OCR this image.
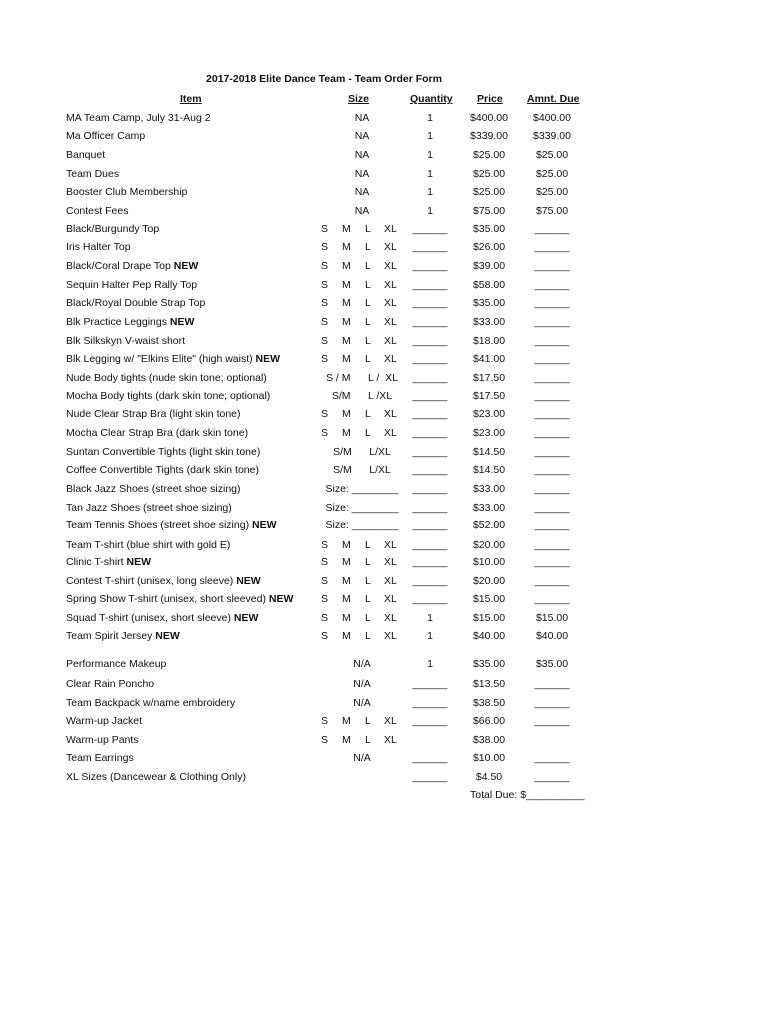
2017-2018 Elite Dance Team - Team Order Form
Item	Size	Quantity Price Amnt. Due
MA Team Camp, July 31-Aug 2	NA	1	$400.00	$400.00
Ma Officer Camp	NA	1	$339.00	$339.00
Banquet	NA	1	$25.00	$25.00
Team Dues	NA	1	$25.00	$25.00
Booster Club Membership	NA	1	$25.00	$25.00
Contest Fees	NA	1	$75.00	$75.00
Black/Burgundy Top	S M L XL ______	$35.00	______
Iris Halter Top	S M L XL ______	$26.00	______
Black/Coral Drape Top NEW	S M L XL ______	$39.00	______
Sequin Halter Pep Rally Top	S M L XL ______	$58.00	______
Black/Royal Double Strap Top	S M L XL ______	$35.00	______
Blk Practice Leggings NEW	S M L XL ______	$33.00	______
Blk Silkskyn V-waist short	S M L XL ______	$18.00	______
Blk Legging w/ "Elkins Elite" (high waist) NEW	S M L XL ______	$41.00	______
Nude Body tights (nude skin tone; optional)	S / M      L /  XL	______	$17.50	______
Mocha Body tights (dark skin tone; optional)	S/M      L /XL	______	$17.50	______
Nude Clear Strap Bra (light skin tone)	S M L XL ______	$23.00	______
Mocha Clear Strap Bra (dark skin tone)	S M L XL ______	$23.00	______
Suntan Convertible Tights (light skin tone)	S/M      L/XL	______	$14.50	______
Coffee Convertible Tights (dark skin tone)	S/M      L/XL	______	$14.50	______
Black Jazz Shoes (street shoe sizing)	Size: ________	______	$33.00	______
Tan Jazz Shoes (street shoe sizing)	Size: ________	______	$33.00	______
Team Tennis Shoes (street shoe sizing) NEW	Size: ________	______	$52.00	______
Team T-shirt (blue shirt with gold E)	S M L XL ______	$20.00	______
Clinic T-shirt NEW	S M L XL ______	$10.00	______
Contest T-shirt (unisex, long sleeve) NEW	S M L XL ______	$20.00	______
Spring Show T-shirt (unisex, short sleeved) NEW	S M L XL ______	$15.00	______
Squad T-shirt (unisex, short sleeve) NEW	S M L XL	1	$15.00	$15.00
Team Spirit Jersey NEW	S M L XL	1	$40.00	$40.00
Performance Makeup	N/A	1	$35.00	$35.00
Clear Rain Poncho	N/A	______	$13.50	______
Team Backpack w/name embroidery	N/A	______	$38.50	______
Warm-up Jacket	S M L XL ______	$66.00	______
Warm-up Pants	S M L XL	$38.00
Team Earrings	N/A	______	$10.00	______
XL Sizes (Dancewear & Clothing Only)	______	$4.50	______
Total Due: $__________
